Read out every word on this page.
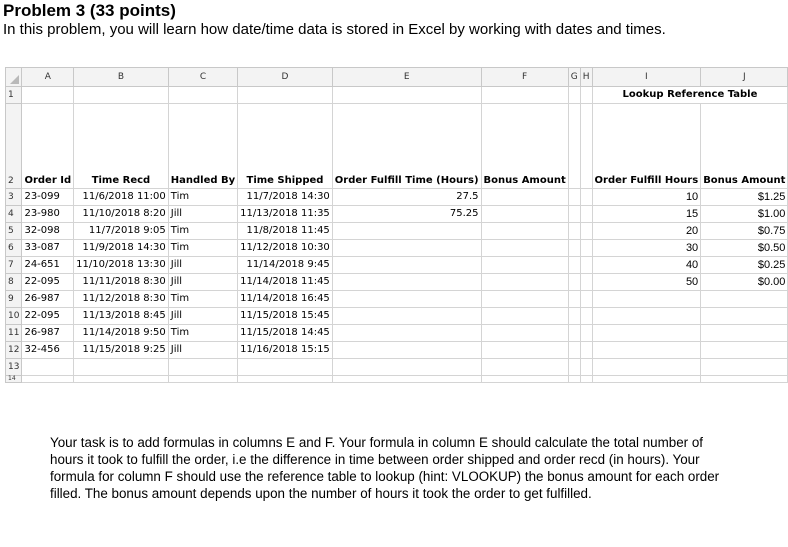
Problem 3 (33 points)
In this problem, you will learn how date/time data is stored in Excel by working with dates and times.
	A	B	C	D	E	F	G	H	I	J
1									Lookup Reference Table	
2	Order Id	Time Recd	Handled By	Time Shipped	Order Fulfill Time (Hours)	Bonus Amount			Order Fulfill Hours	Bonus Amount
3	23-099	11/6/2018 11:00	Tim	11/7/2018 14:30	27.5				10	$1.25
4	23-980	11/10/2018 8:20	Jill	11/13/2018 11:35	75.25				15	$1.00
5	32-098	11/7/2018 9:05	Tim	11/8/2018 11:45					20	$0.75
6	33-087	11/9/2018 14:30	Tim	11/12/2018 10:30					30	$0.50
7	24-651	11/10/2018 13:30	Jill	11/14/2018 9:45					40	$0.25
8	22-095	11/11/2018 8:30	Jill	11/14/2018 11:45					50	$0.00
9	26-987	11/12/2018 8:30	Tim	11/14/2018 16:45						
10	22-095	11/13/2018 8:45	Jill	11/15/2018 15:45						
11	26-987	11/14/2018 9:50	Tim	11/15/2018 14:45						
12	32-456	11/15/2018 9:25	Jill	11/16/2018 15:15						
13										
14										
Your task is to add formulas in columns E and F. Your formula in column E should calculate the total number of hours it took to fulfill the order, i.e the difference in time between order shipped and order recd (in hours). Your formula for column F should use the reference table to lookup (hint: VLOOKUP) the bonus amount for each order filled. The bonus amount depends upon the number of hours it took the order to get fulfilled.
